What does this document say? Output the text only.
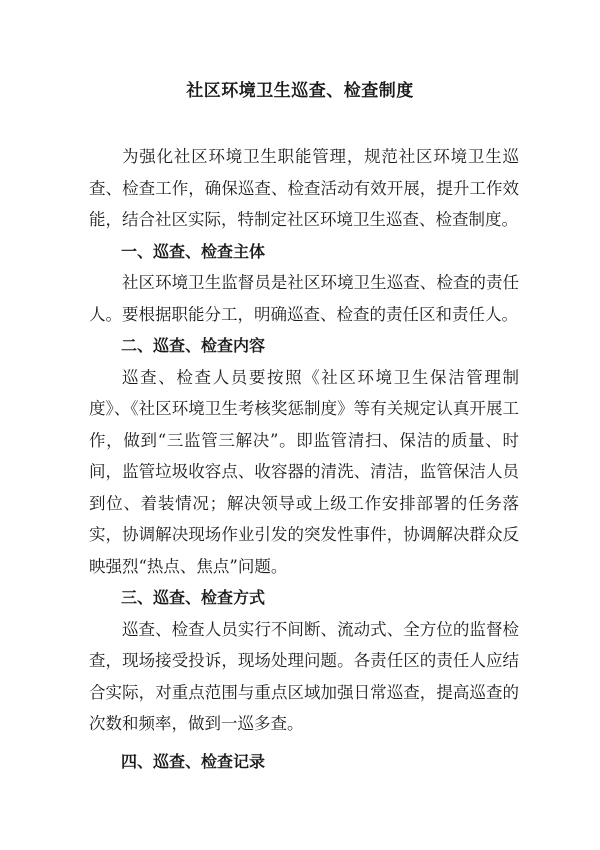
社区环境卫生巡查、检查制度

为强化社区环境卫生职能管理，规范社区环境卫生巡查、检查工作，确保巡查、检查活动有效开展，提升工作效能，结合社区实际，特制定社区环境卫生巡查、检查制度。

一、巡查、检查主体

社区环境卫生监督员是社区环境卫生巡查、检查的责任人。要根据职能分工，明确巡查、检查的责任区和责任人。

二、巡查、检查内容

巡查、检查人员要按照《社区环境卫生保洁管理制度》、《社区环境卫生考核奖惩制度》等有关规定认真开展工作，做到“三监管三解决”。即监管清扫、保洁的质量、时间，监管垃圾收容点、收容器的清洗、清洁，监管保洁人员到位、着装情况；解决领导或上级工作安排部署的任务落实，协调解决现场作业引发的突发性事件，协调解决群众反映强烈“热点、焦点”问题。

三、巡查、检查方式

巡查、检查人员实行不间断、流动式、全方位的监督检查，现场接受投诉，现场处理问题。各责任区的责任人应结合实际，对重点范围与重点区域加强日常巡查，提高巡查的次数和频率，做到一巡多查。

四、巡查、检查记录
